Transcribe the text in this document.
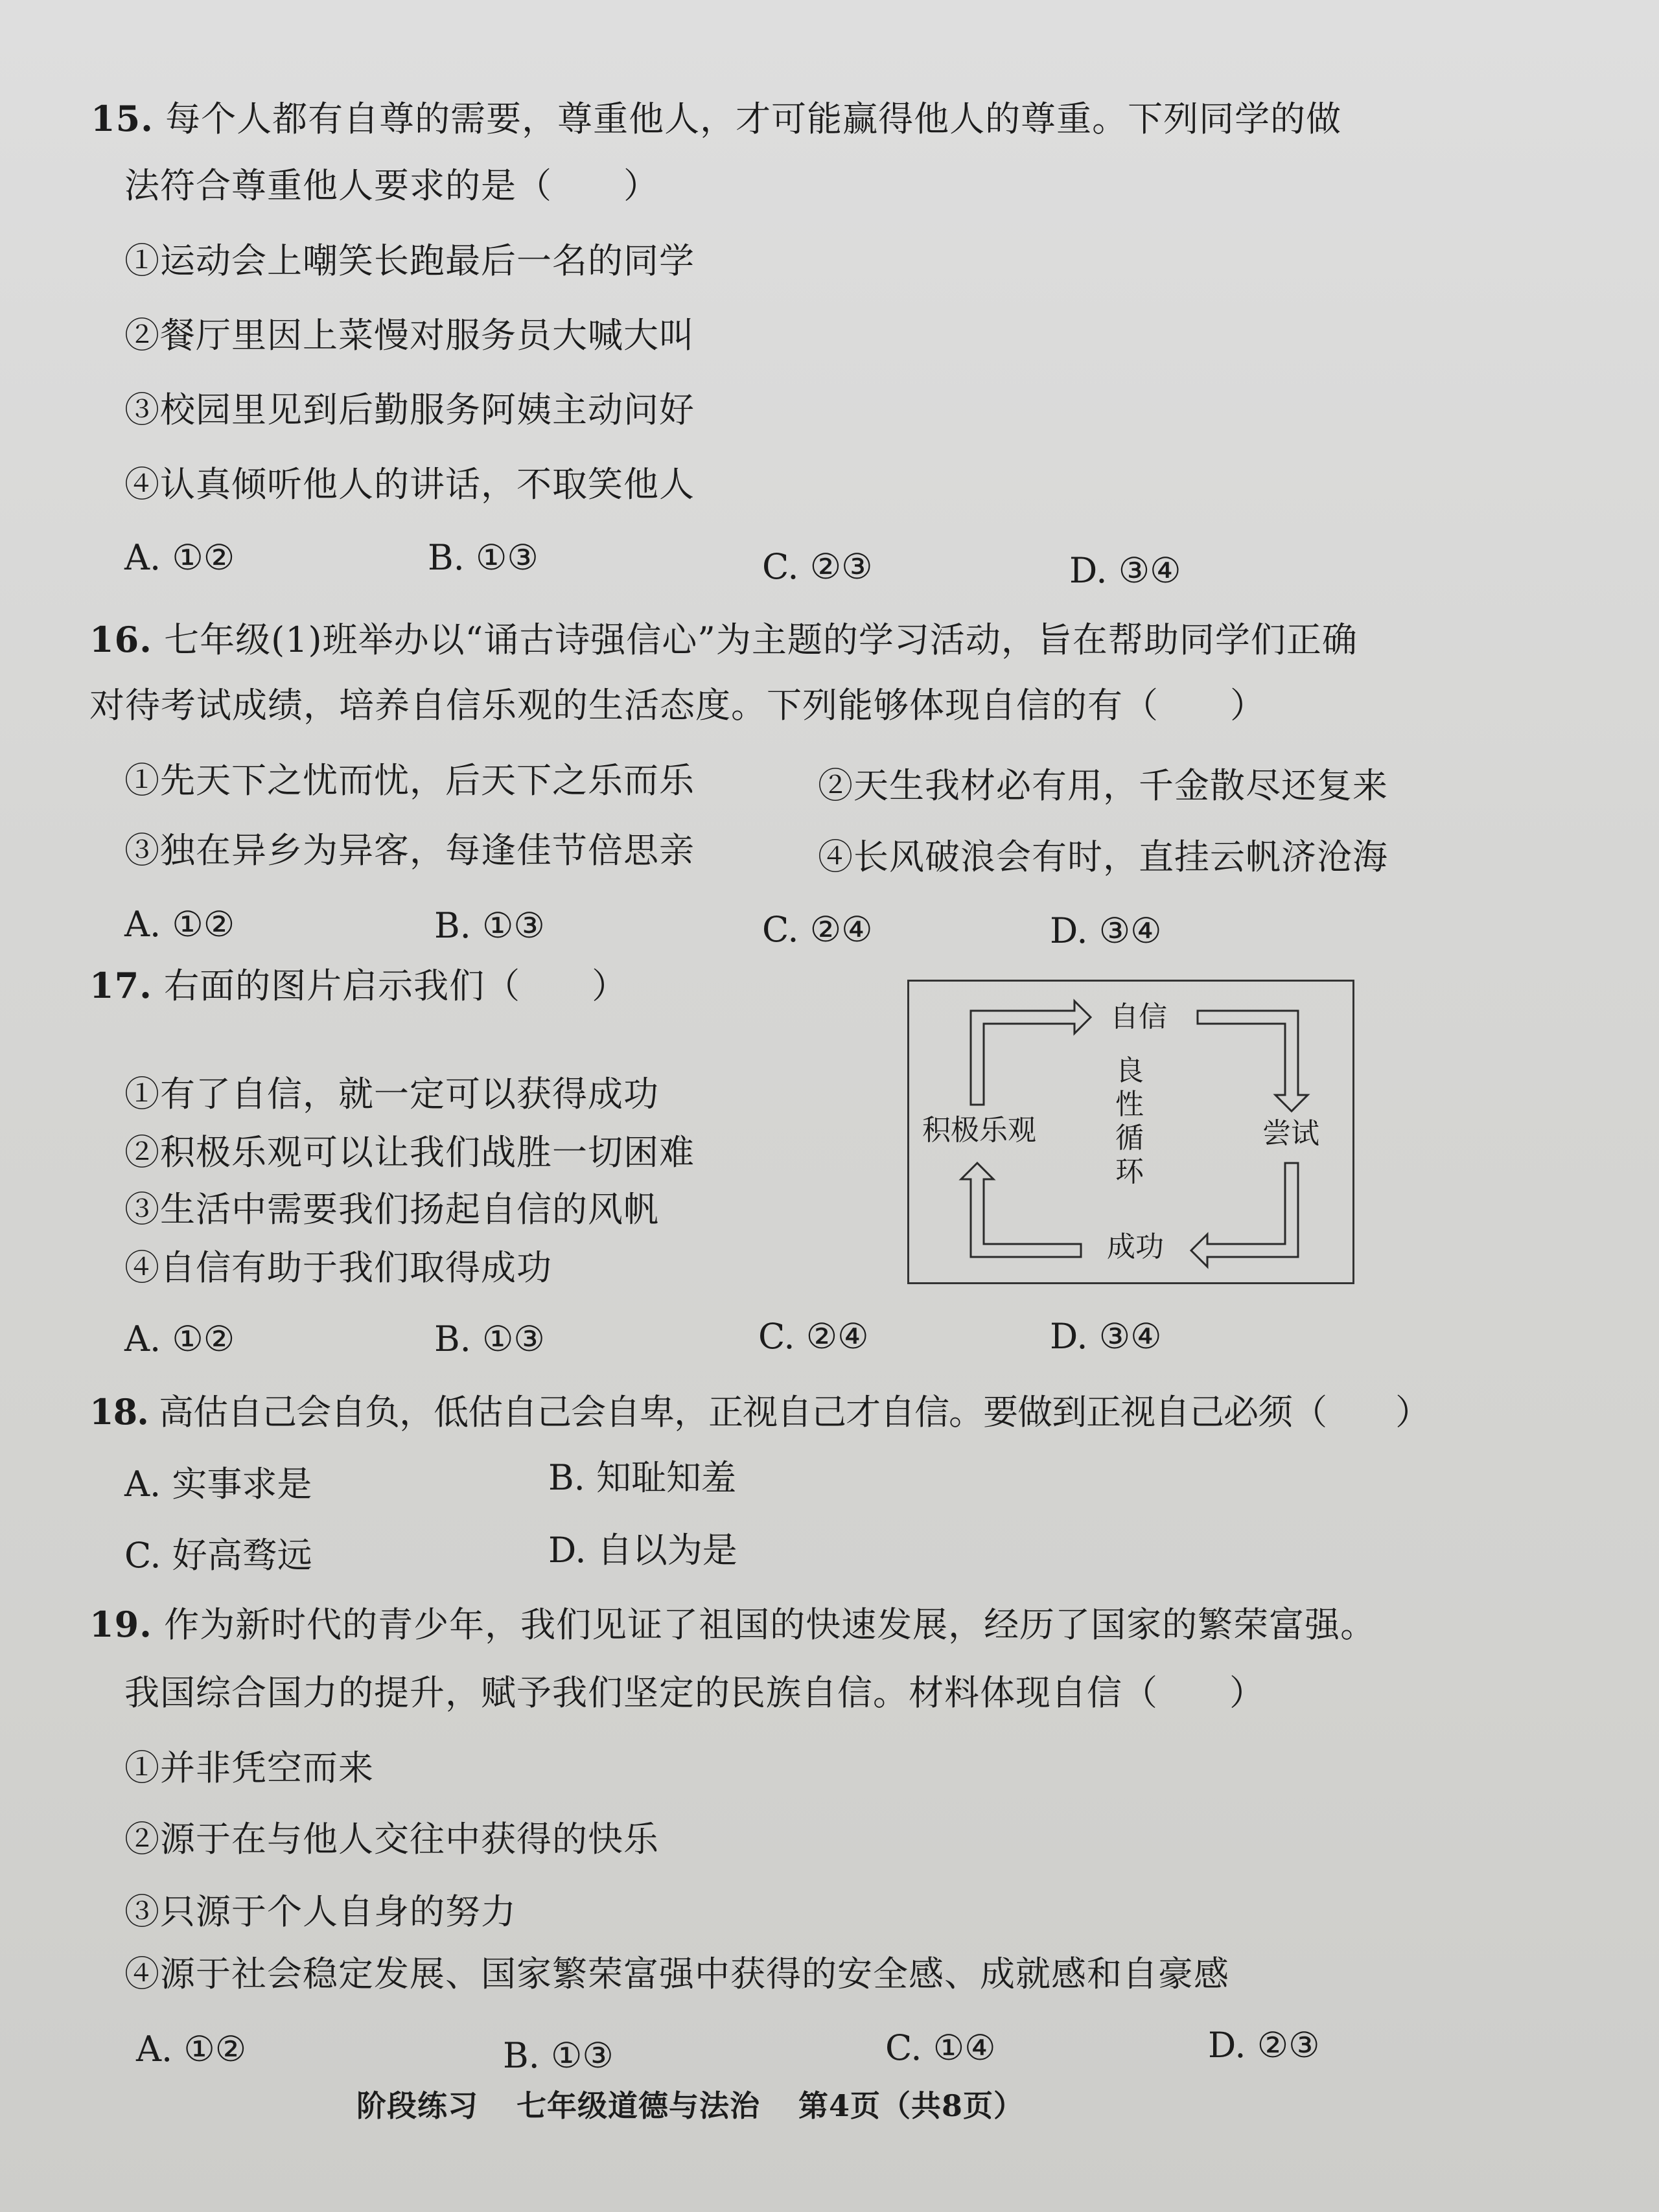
15. 每个人都有自尊的需要，尊重他人，才可能赢得他人的尊重。下列同学的做
法符合尊重他人要求的是（　　）
①运动会上嘲笑长跑最后一名的同学
②餐厅里因上菜慢对服务员大喊大叫
③校园里见到后勤服务阿姨主动问好
④认真倾听他人的讲话，不取笑他人
A. ①②	B. ①③	C. ②③	D. ③④
16. 七年级(1)班举办以“诵古诗强信心”为主题的学习活动，旨在帮助同学们正确
对待考试成绩，培养自信乐观的生活态度。下列能够体现自信的有（　　）
①先天下之忧而忧，后天下之乐而乐	②天生我材必有用，千金散尽还复来
③独在异乡为异客，每逢佳节倍思亲	④长风破浪会有时，直挂云帆济沧海
A. ①②	B. ①③	C. ②④	D. ③④
17. 右面的图片启示我们（　　）
①有了自信，就一定可以获得成功
②积极乐观可以让我们战胜一切困难
③生活中需要我们扬起自信的风帆
④自信有助于我们取得成功
A. ①②	B. ①③	C. ②④	D. ③④
自信
尝试
成功
积极乐观
良
性
循
环
18. 高估自己会自负，低估自己会自卑，正视自己才自信。要做到正视自己必须（　　）
A. 实事求是	B. 知耻知羞
C. 好高骛远	D. 自以为是
19. 作为新时代的青少年，我们见证了祖国的快速发展，经历了国家的繁荣富强。
我国综合国力的提升，赋予我们坚定的民族自信。材料体现自信（　　）
①并非凭空而来
②源于在与他人交往中获得的快乐
③只源于个人自身的努力
④源于社会稳定发展、国家繁荣富强中获得的安全感、成就感和自豪感
A. ①②	B. ①③	C. ①④	D. ②③
阶段练习 七年级道德与法治 第4页（共8页）
